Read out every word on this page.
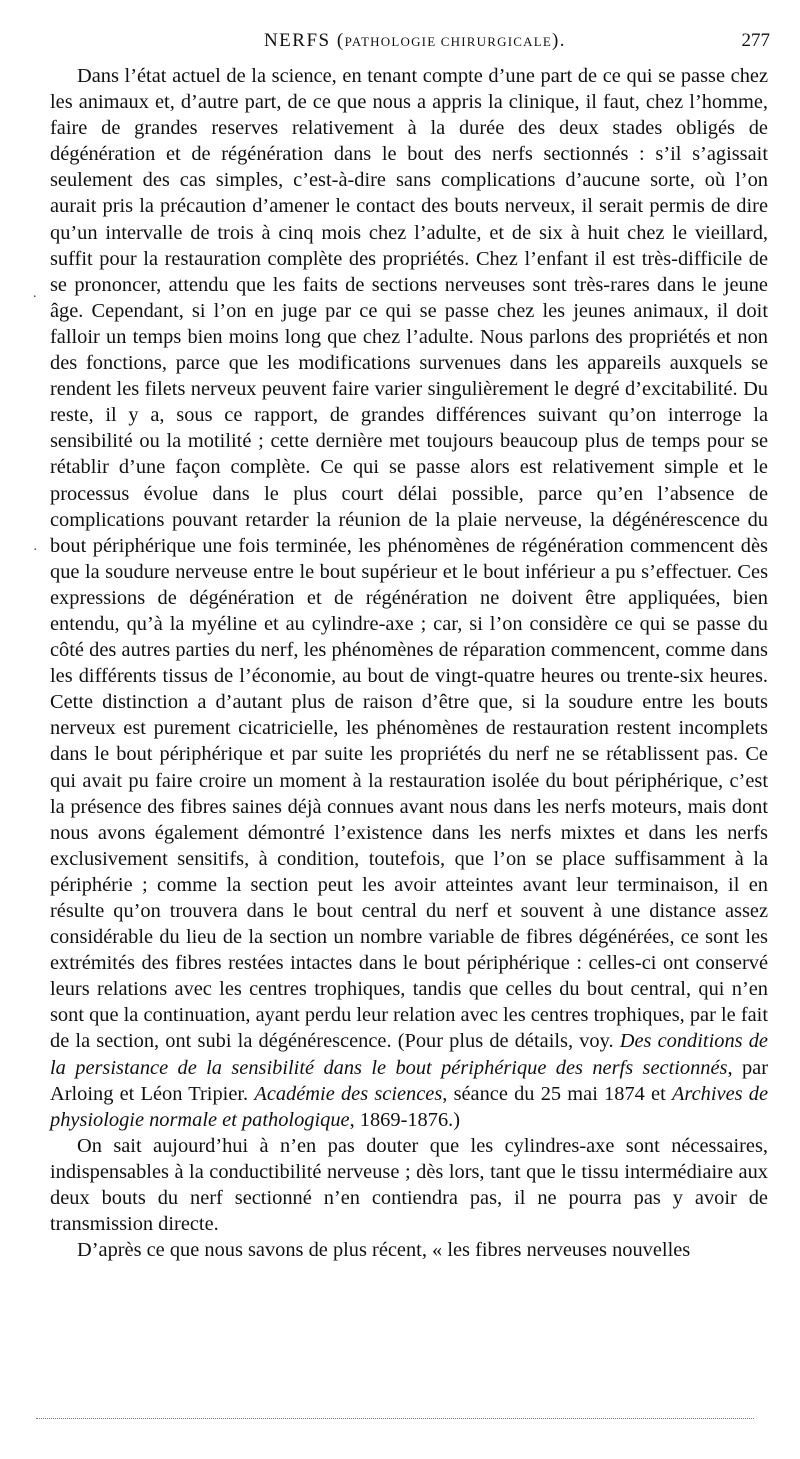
NERFS (PATHOLOGIE CHIRURGICALE).	277
.
·

Dans l’état actuel de la science, en tenant compte d’une part de ce qui se passe chez les animaux et, d’autre part, de ce que nous a appris la clinique, il faut, chez l’homme, faire de grandes reserves relativement à la durée des deux stades obligés de dégénération et de régénération dans le bout des nerfs sectionnés : s’il s’agissait seulement des cas simples, c’est-à-dire sans complications d’aucune sorte, où l’on aurait pris la précaution d’amener le contact des bouts nerveux, il serait permis de dire qu’un intervalle de trois à cinq mois chez l’adulte, et de six à huit chez le vieillard, suffit pour la restauration complète des propriétés. Chez l’enfant il est très-difficile de se prononcer, attendu que les faits de sections nerveuses sont très-rares dans le jeune âge. Cependant, si l’on en juge par ce qui se passe chez les jeunes animaux, il doit falloir un temps bien moins long que chez l’adulte. Nous parlons des propriétés et non des fonctions, parce que les modifications survenues dans les appareils auxquels se rendent les filets nerveux peuvent faire varier singulièrement le degré d’excitabilité. Du reste, il y a, sous ce rapport, de grandes différences suivant qu’on interroge la sensibilité ou la motilité ; cette dernière met toujours beaucoup plus de temps pour se rétablir d’une façon complète. Ce qui se passe alors est relativement simple et le processus évolue dans le plus court délai possible, parce qu’en l’absence de complications pouvant retarder la réunion de la plaie nerveuse, la dégénérescence du bout périphérique une fois terminée, les phénomènes de régénération commencent dès que la soudure nerveuse entre le bout supérieur et le bout inférieur a pu s’effectuer. Ces expressions de dégénération et de régénération ne doivent être appliquées, bien entendu, qu’à la myéline et au cylindre-axe ; car, si l’on considère ce qui se passe du côté des autres parties du nerf, les phénomènes de réparation commencent, comme dans les différents tissus de l’économie, au bout de vingt-quatre heures ou trente-six heures. Cette distinction a d’autant plus de raison d’être que, si la soudure entre les bouts nerveux est purement cicatricielle, les phénomènes de restauration restent incomplets dans le bout périphérique et par suite les propriétés du nerf ne se rétablissent pas. Ce qui avait pu faire croire un moment à la restauration isolée du bout périphérique, c’est la présence des fibres saines déjà connues avant nous dans les nerfs moteurs, mais dont nous avons également démontré l’existence dans les nerfs mixtes et dans les nerfs exclusivement sensitifs, à condition, toutefois, que l’on se place suffisamment à la périphérie ; comme la section peut les avoir atteintes avant leur terminaison, il en résulte qu’on trouvera dans le bout central du nerf et souvent à une distance assez considérable du lieu de la section un nombre variable de fibres dégénérées, ce sont les extrémités des fibres restées intactes dans le bout périphérique : celles-ci ont conservé leurs relations avec les centres trophiques, tandis que celles du bout central, qui n’en sont que la continuation, ayant perdu leur relation avec les centres trophiques, par le fait de la section, ont subi la dégénérescence. (Pour plus de détails, voy. Des conditions de la persistance de la sensibilité dans le bout périphérique des nerfs sectionnés, par Arloing et Léon Tripier. Académie des sciences, séance du 25 mai 1874 et Archives de physiologie normale et pathologique, 1869-1876.)

On sait aujourd’hui à n’en pas douter que les cylindres-axe sont nécessaires, indispensables à la conductibilité nerveuse ; dès lors, tant que le tissu intermédiaire aux deux bouts du nerf sectionné n’en contiendra pas, il ne pourra pas y avoir de transmission directe.

D’après ce que nous savons de plus récent, « les fibres nerveuses nouvelles
